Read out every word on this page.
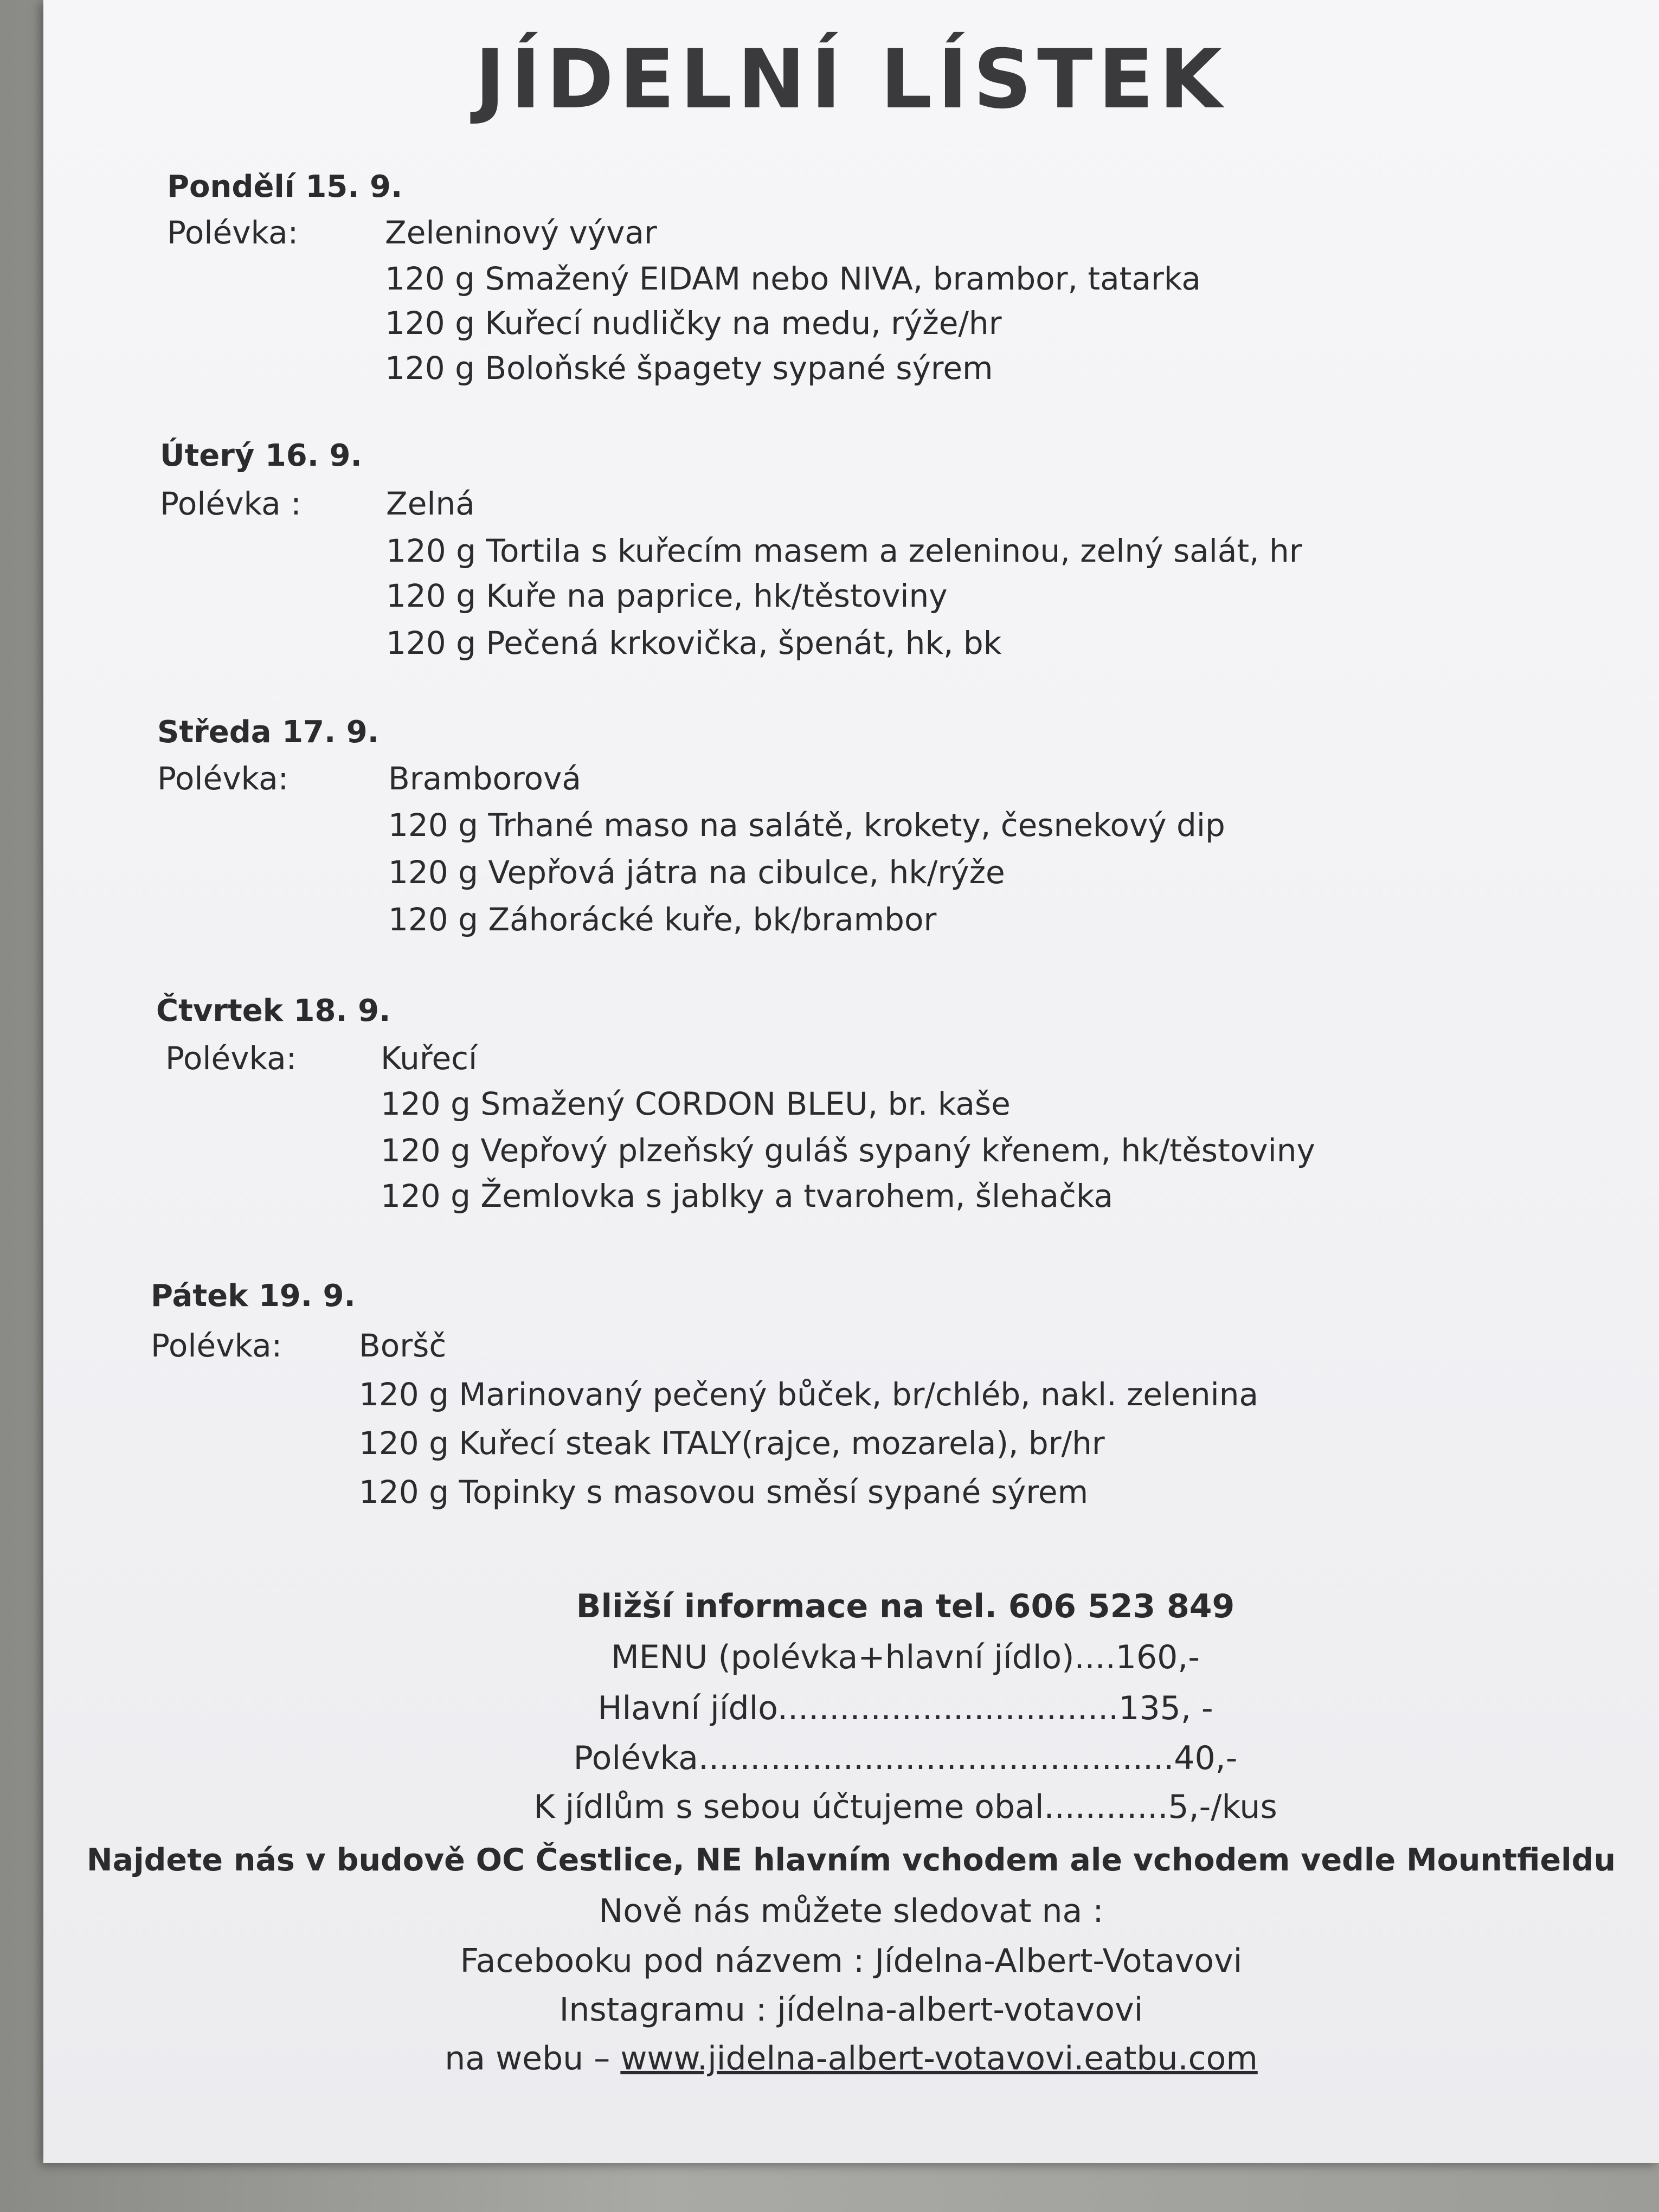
JÍDELNÍ LÍSTEK
Pondělí 15. 9.
Polévka:	Zeleninový vývar
120 g Smažený EIDAM nebo NIVA, brambor, tatarka
120 g Kuřecí nudličky na medu, rýže/hr
120 g Boloňské špagety sypané sýrem
Úterý 16. 9.
Polévka :	Zelná
120 g Tortila s kuřecím masem a zeleninou, zelný salát, hr
120 g Kuře na paprice, hk/těstoviny
120 g Pečená krkovička, špenát, hk, bk
Středa 17. 9.
Polévka:	Bramborová
120 g Trhané maso na salátě, krokety, česnekový dip
120 g Vepřová játra na cibulce, hk/rýže
120 g Záhorácké kuře, bk/brambor
Čtvrtek 18. 9.
Polévka:	Kuřecí
120 g Smažený CORDON BLEU, br. kaše
120 g Vepřový plzeňský guláš sypaný křenem, hk/těstoviny
120 g Žemlovka s jablky a tvarohem, šlehačka
Pátek 19. 9.
Polévka: Boršč
120 g Marinovaný pečený bůček, br/chléb, nakl. zelenina
120 g Kuřecí steak ITALY(rajce, mozarela), br/hr
120 g Topinky s masovou směsí sypané sýrem
Bližší informace na tel. 606 523 849
MENU (polévka+hlavní jídlo)....160,-
Hlavní jídlo.................................135, -
Polévka..............................................40,-
K jídlům s sebou účtujeme obal............5,-/kus
Najdete nás v budově OC Čestlice, NE hlavním vchodem ale vchodem vedle Mountfieldu
Nově nás můžete sledovat na :
Facebooku pod názvem : Jídelna-Albert-Votavovi
Instagramu : jídelna-albert-votavovi
na webu – www.jidelna-albert-votavovi.eatbu.com
